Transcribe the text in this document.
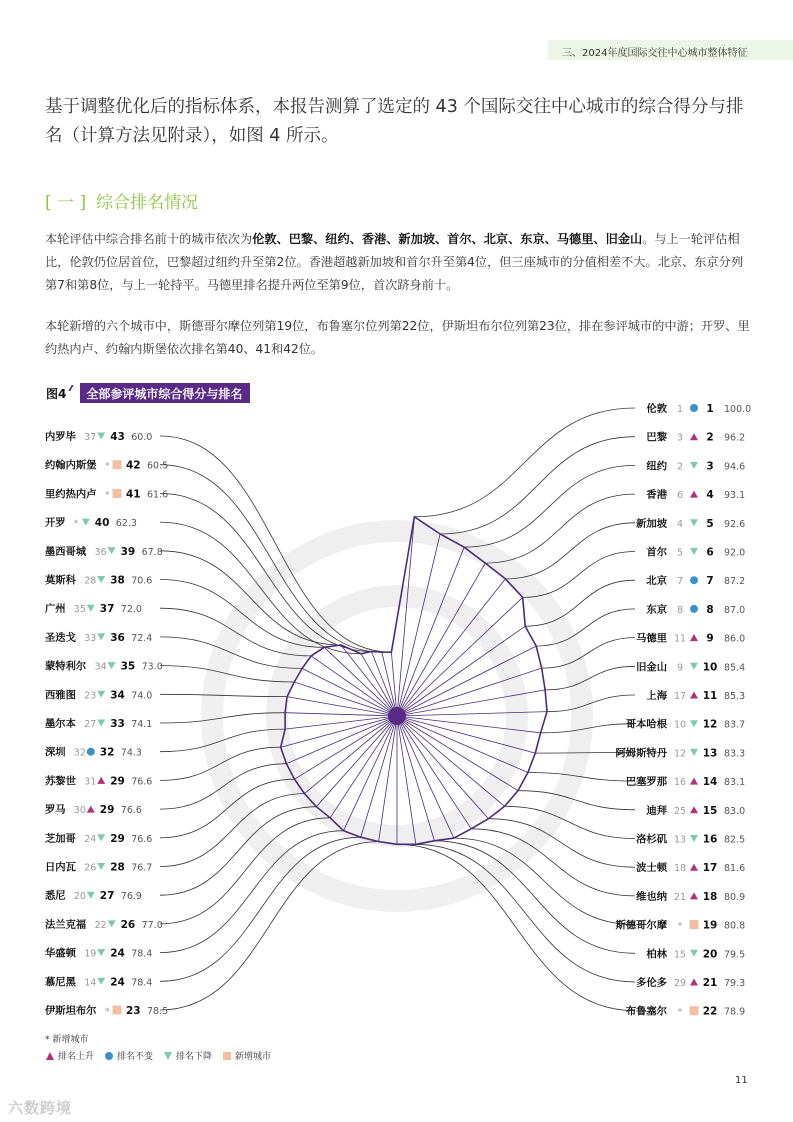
三、2024年度国际交往中心城市整体特征

基于调整优化后的指标体系，本报告测算了选定的 43 个国际交往中心城市的综合得分与排名（计算方法见附录），如图 4 所示。

[ 一 ] 综合排名情况

本轮评估中综合排名前十的城市依次为伦敦、巴黎、纽约、香港、新加坡、首尔、北京、东京、马德里、旧金山。与上一轮评估相比，伦敦仍位居首位，巴黎超过纽约升至第2位。香港超越新加坡和首尔升至第4位，但三座城市的分值相差不大。北京、东京分列第7和第8位，与上一轮持平。马德里排名提升两位至第9位，首次跻身前十。

本轮新增的六个城市中，斯德哥尔摩位列第19位，布鲁塞尔位列第22位，伊斯坦布尔位列第23位，排在参评城市的中游；开罗、里约热内卢、约翰内斯堡依次排名第40、41和42位。

图4	全部参评城市综合得分与排名
伦敦 1 1 100.0
巴黎 3 2 96.2
纽约 2 3 94.6
香港 6 4 93.1
新加坡 4 5 92.6
首尔 5 6 92.0
北京 7 7 87.2
东京 8 8 87.0
马德里 11 9 86.0
旧金山 9 10 85.4
上海 17 11 85.3
哥本哈根 10 12 83.7
阿姆斯特丹 12 13 83.3
巴塞罗那 16 14 83.1
迪拜 25 15 83.0
洛杉矶 13 16 82.5
波士顿 18 17 81.6
维也纳 21 18 80.9
斯德哥尔摩 * 19 80.8
柏林 15 20 79.5
多伦多 29 21 79.3
布鲁塞尔 * 22 78.9
内罗毕 37 43 60.0
约翰内斯堡 * 42 60.5
里约热内卢 * 41 61.6
开罗 * 40 62.3
墨西哥城 36 39 67.8
莫斯科 28 38 70.6
广州 35 37 72.0
圣迭戈 33 36 72.4
蒙特利尔 34 35 73.0
西雅图 23 34 74.0
墨尔本 27 33 74.1
深圳 32 32 74.3
苏黎世 31 29 76.6
罗马 30 29 76.6
芝加哥 24 29 76.6
日内瓦 26 28 76.7
悉尼 20 27 76.9
法兰克福 22 26 77.0
华盛顿 19 24 78.4
慕尼黑 14 24 78.4
伊斯坦布尔 * 23 78.5
* 新增城市
排名上升	排名不变	排名下降	新增城市
11
六数跨境
